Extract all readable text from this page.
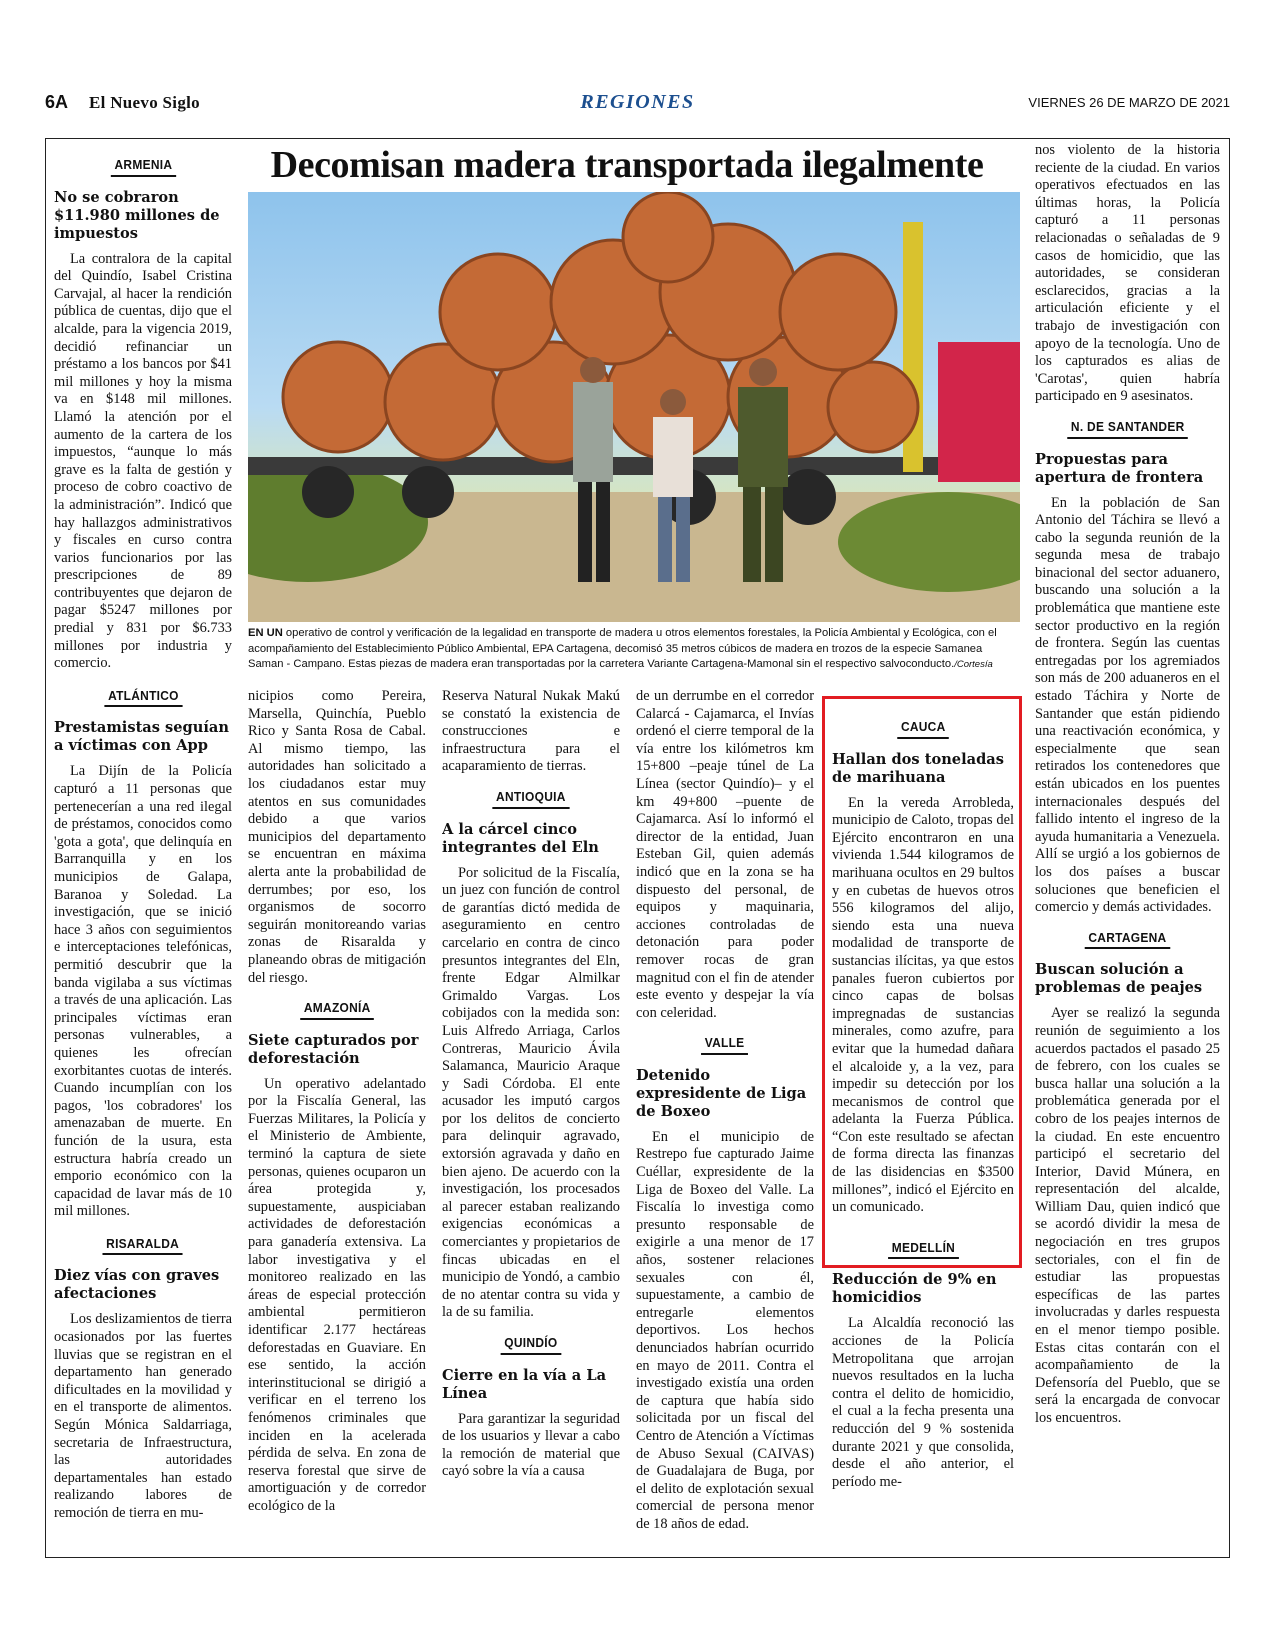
6A El Nuevo Siglo	REGIONES	VIERNES 26 DE MARZO DE 2021
ARMENIA
No se cobraron $11.980 millones de impuestos

La contralora de la capital del Quindío, Isabel Cristina Carvajal, al hacer la rendición pública de cuentas, dijo que el alcalde, para la vigencia 2019, decidió refinanciar un préstamo a los bancos por $41 mil millones y hoy la misma va en $148 mil millones. Llamó la atención por el aumento de la cartera de los impuestos, “aunque lo más grave es la falta de gestión y proceso de cobro coactivo de la administración”. Indicó que hay hallazgos administrativos y fiscales en curso contra varios funcionarios por las prescripciones de 89 contribuyentes que dejaron de pagar $5247 millones por predial y 831 por $6.733 millones por industria y comercio.

ATLÁNTICO
Prestamistas seguían a víctimas con App

La Dijín de la Policía capturó a 11 personas que pertenecerían a una red ilegal de préstamos, conocidos como 'gota a gota', que delinquía en Barranquilla y en los municipios de Galapa, Baranoa y Soledad. La investigación, que se inició hace 3 años con seguimientos e interceptaciones telefónicas, permitió descubrir que la banda vigilaba a sus víctimas a través de una aplicación. Las principales víctimas eran personas vulnerables, a quienes les ofrecían exorbitantes cuotas de interés. Cuando incumplían con los pagos, 'los cobradores' los amenazaban de muerte. En función de la usura, esta estructura habría creado un emporio económico con la capacidad de lavar más de 10 mil millones.

RISARALDA
Diez vías con graves afectaciones

Los deslizamientos de tierra ocasionados por las fuertes lluvias que se registran en el departamento han generado dificultades en la movilidad y en el transporte de alimentos. Según Mónica Saldarriaga, secretaria de Infraestructura, las autoridades departamentales han estado realizando labores de remoción de tierra en mu-

Decomisan madera transportada ilegalmente
EN UN operativo de control y verificación de la legalidad en transporte de madera u otros elementos forestales, la Policía Ambiental y Ecológica, con el acompañamiento del Establecimiento Público Ambiental, EPA Cartagena, decomisó 35 metros cúbicos de madera en trozos de la especie Samanea Saman - Campano. Estas piezas de madera eran transportadas por la carretera Variante Cartagena-Mamonal sin el respectivo salvoconducto./Cortesía

nicipios como Pereira, Marsella, Quinchía, Pueblo Rico y Santa Rosa de Cabal. Al mismo tiempo, las autoridades han solicitado a los ciudadanos estar muy atentos en sus comunidades debido a que varios municipios del departamento se encuentran en máxima alerta ante la probabilidad de derrumbes; por eso, los organismos de socorro seguirán monitoreando varias zonas de Risaralda y planeando obras de mitigación del riesgo.

AMAZONÍA
Siete capturados por deforestación

Un operativo adelantado por la Fiscalía General, las Fuerzas Militares, la Policía y el Ministerio de Ambiente, terminó la captura de siete personas, quienes ocuparon un área protegida y, supuestamente, auspiciaban actividades de deforestación para ganadería extensiva. La labor investigativa y el monitoreo realizado en las áreas de especial protección ambiental permitieron identificar 2.177 hectáreas deforestadas en Guaviare. En ese sentido, la acción interinstitucional se dirigió a verificar en el terreno los fenómenos criminales que inciden en la acelerada pérdida de selva. En zona de reserva forestal que sirve de amortiguación y de corredor ecológico de la

Reserva Natural Nukak Makú se constató la existencia de construcciones e infraestructura para el acaparamiento de tierras.

ANTIOQUIA
A la cárcel cinco integrantes del Eln

Por solicitud de la Fiscalía, un juez con función de control de garantías dictó medida de aseguramiento en centro carcelario en contra de cinco presuntos integrantes del Eln, frente Edgar Almilkar Grimaldo Vargas. Los cobijados con la medida son: Luis Alfredo Arriaga, Carlos Contreras, Mauricio Ávila Salamanca, Mauricio Araque y Sadi Córdoba. El ente acusador les imputó cargos por los delitos de concierto para delinquir agravado, extorsión agravada y daño en bien ajeno. De acuerdo con la investigación, los procesados al parecer estaban realizando exigencias económicas a comerciantes y propietarios de fincas ubicadas en el municipio de Yondó, a cambio de no atentar contra su vida y la de su familia.

QUINDÍO
Cierre en la vía a La Línea

Para garantizar la seguridad de los usuarios y llevar a cabo la remoción de material que cayó sobre la vía a causa

de un derrumbe en el corredor Calarcá - Cajamarca, el Invías ordenó el cierre temporal de la vía entre los kilómetros km 15+800 –peaje túnel de La Línea (sector Quindío)– y el km 49+800 –puente de Cajamarca. Así lo informó el director de la entidad, Juan Esteban Gil, quien además indicó que en la zona se ha dispuesto del personal, de equipos y maquinaria, acciones controladas de detonación para poder remover rocas de gran magnitud con el fin de atender este evento y despejar la vía con celeridad.

VALLE
Detenido expresidente de Liga de Boxeo

En el municipio de Restrepo fue capturado Jaime Cuéllar, expresidente de la Liga de Boxeo del Valle. La Fiscalía lo investiga como presunto responsable de exigirle a una menor de 17 años, sostener relaciones sexuales con él, supuestamente, a cambio de entregarle elementos deportivos. Los hechos denunciados habrían ocurrido en mayo de 2011. Contra el investigado existía una orden de captura que había sido solicitada por un fiscal del Centro de Atención a Víctimas de Abuso Sexual (CAIVAS) de Guadalajara de Buga, por el delito de explotación sexual comercial de persona menor de 18 años de edad.

CAUCA
Hallan dos toneladas de marihuana

En la vereda Arrobleda, municipio de Caloto, tropas del Ejército encontraron en una vivienda 1.544 kilogramos de marihuana ocultos en 29 bultos y en cubetas de huevos otros 556 kilogramos del alijo, siendo esta una nueva modalidad de transporte de sustancias ilícitas, ya que estos panales fueron cubiertos por cinco capas de bolsas impregnadas de sustancias minerales, como azufre, para evitar que la humedad dañara el alcaloide y, a la vez, para impedir su detección por los mecanismos de control que adelanta la Fuerza Pública. “Con este resultado se afectan de forma directa las finanzas de las disidencias en $3500 millones”, indicó el Ejército en un comunicado.

MEDELLÍN
Reducción de 9% en homicidios

La Alcaldía reconoció las acciones de la Policía Metropolitana que arrojan nuevos resultados en la lucha contra el delito de homicidio, el cual a la fecha presenta una reducción del 9 % sostenida durante 2021 y que consolida, desde el año anterior, el período me-

nos violento de la historia reciente de la ciudad. En varios operativos efectuados en las últimas horas, la Policía capturó a 11 personas relacionadas o señaladas de 9 casos de homicidio, que las autoridades, se consideran esclarecidos, gracias a la articulación eficiente y el trabajo de investigación con apoyo de la tecnología. Uno de los capturados es alias de 'Carotas', quien habría participado en 9 asesinatos.

N. DE SANTANDER
Propuestas para apertura de frontera

En la población de San Antonio del Táchira se llevó a cabo la segunda reunión de la segunda mesa de trabajo binacional del sector aduanero, buscando una solución a la problemática que mantiene este sector productivo en la región de frontera. Según las cuentas entregadas por los agremiados son más de 200 aduaneros en el estado Táchira y Norte de Santander que están pidiendo una reactivación económica, y especialmente que sean retirados los contenedores que están ubicados en los puentes internacionales después del fallido intento el ingreso de la ayuda humanitaria a Venezuela. Allí se urgió a los gobiernos de los dos países a buscar soluciones que beneficien el comercio y demás actividades.

CARTAGENA
Buscan solución a problemas de peajes

Ayer se realizó la segunda reunión de seguimiento a los acuerdos pactados el pasado 25 de febrero, con los cuales se busca hallar una solución a la problemática generada por el cobro de los peajes internos de la ciudad. En este encuentro participó el secretario del Interior, David Múnera, en representación del alcalde, William Dau, quien indicó que se acordó dividir la mesa de negociación en tres grupos sectoriales, con el fin de estudiar las propuestas específicas de las partes involucradas y darles respuesta en el menor tiempo posible. Estas citas contarán con el acompañamiento de la Defensoría del Pueblo, que se será la encargada de convocar los encuentros.
